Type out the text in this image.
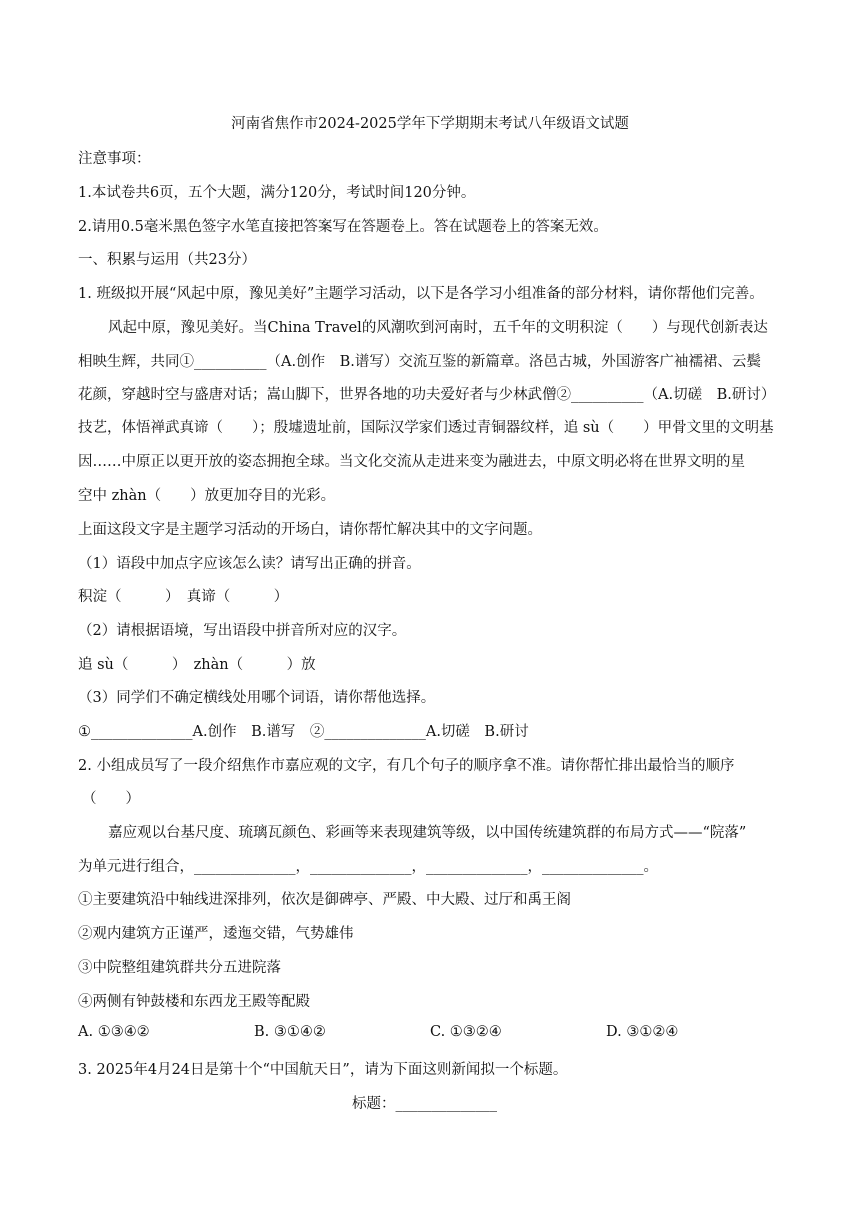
河南省焦作市2024-2025学年下学期期末考试八年级语文试题
注意事项：
1.本试卷共6页，五个大题，满分120分，考试时间120分钟。
2.请用0.5毫米黑色签字水笔直接把答案写在答题卷上。答在试题卷上的答案无效。
一、积累与运用（共23分）
1. 班级拟开展“风起中原，豫见美好”主题学习活动，以下是各学习小组准备的部分材料，请你帮他们完善。
风起中原，豫见美好。当China Travel的风潮吹到河南时，五千年的文明积淀（　　）与现代创新表达
相映生辉，共同①__________（A.创作　B.谱写）交流互鉴的新篇章。洛邑古城，外国游客广袖襦裙、云鬓
花颜，穿越时空与盛唐对话；嵩山脚下，世界各地的功夫爱好者与少林武僧②__________（A.切磋　B.研讨）
技艺，体悟禅武真谛（　　）；殷墟遗址前，国际汉学家们透过青铜器纹样，追 sù（　　）甲骨文里的文明基
因……中原正以更开放的姿态拥抱全球。当文化交流从走进来变为融进去，中原文明必将在世界文明的星
空中 zhàn（　　）放更加夺目的光彩。
上面这段文字是主题学习活动的开场白，请你帮忙解决其中的文字问题。
（1）语段中加点字应该怎么读？请写出正确的拼音。
积淀（　　　）　真谛（　　　）
（2）请根据语境，写出语段中拼音所对应的汉字。
追 sù（　　　）　zhàn（　　　）放
（3）同学们不确定横线处用哪个词语，请你帮他选择。
①______________A.创作　B.谱写　②______________A.切磋　B.研讨
2. 小组成员写了一段介绍焦作市嘉应观的文字，有几个句子的顺序拿不准。请你帮忙排出最恰当的顺序
（　　）
嘉应观以台基尺度、琉璃瓦颜色、彩画等来表现建筑等级，以中国传统建筑群的布局方式——“院落”
为单元进行组合，______________，______________，______________，______________。
①主要建筑沿中轴线进深排列，依次是御碑亭、严殿、中大殿、过厅和禹王阁
②观内建筑方正谨严，逶迤交错，气势雄伟
③中院整组建筑群共分五进院落
④两侧有钟鼓楼和东西龙王殿等配殿
A. ①③④②	B. ③①④②	C. ①③②④	D. ③①②④
3. 2025年4月24日是第十个“中国航天日”，请为下面这则新闻拟一个标题。
标题：______________
